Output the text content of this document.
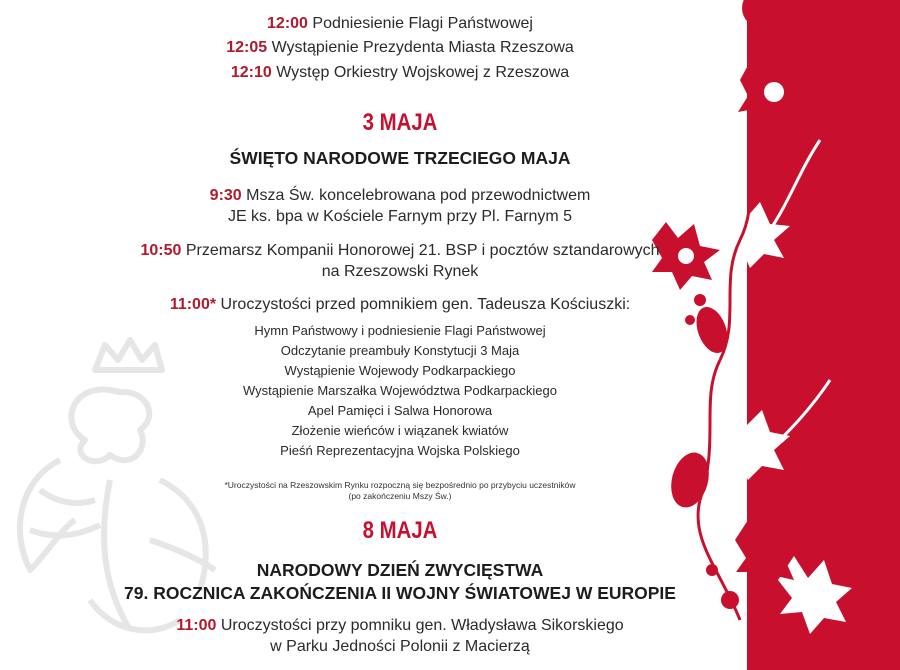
12:00 Podniesienie Flagi Państwowej
12:05 Wystąpienie Prezydenta Miasta Rzeszowa
12:10 Występ Orkiestry Wojskowej z Rzeszowa
3 MAJA
ŚWIĘTO NARODOWE TRZECIEGO MAJA
9:30 Msza Św. koncelebrowana pod przewodnictwem
JE ks. bpa w Kościele Farnym przy Pl. Farnym 5
10:50 Przemarsz Kompanii Honorowej 21. BSP i pocztów sztandarowych
na Rzeszowski Rynek
11:00* Uroczystości przed pomnikiem gen. Tadeusza Kościuszki:
Hymn Państwowy i podniesienie Flagi Państwowej
Odczytanie preambuły Konstytucji 3 Maja
Wystąpienie Wojewody Podkarpackiego
Wystąpienie Marszałka Województwa Podkarpackiego
Apel Pamięci i Salwa Honorowa
Złożenie wieńców i wiązanek kwiatów
Pieśń Reprezentacyjna Wojska Polskiego
*Uroczystości na Rzeszowskim Rynku rozpoczną się bezpośrednio po przybyciu uczestników
(po zakończeniu Mszy Św.)
8 MAJA
NARODOWY DZIEŃ ZWYCIĘSTWA
79. ROCZNICA ZAKOŃCZENIA II WOJNY ŚWIATOWEJ W EUROPIE
11:00 Uroczystości przy pomniku gen. Władysława Sikorskiego
w Parku Jedności Polonii z Macierzą
